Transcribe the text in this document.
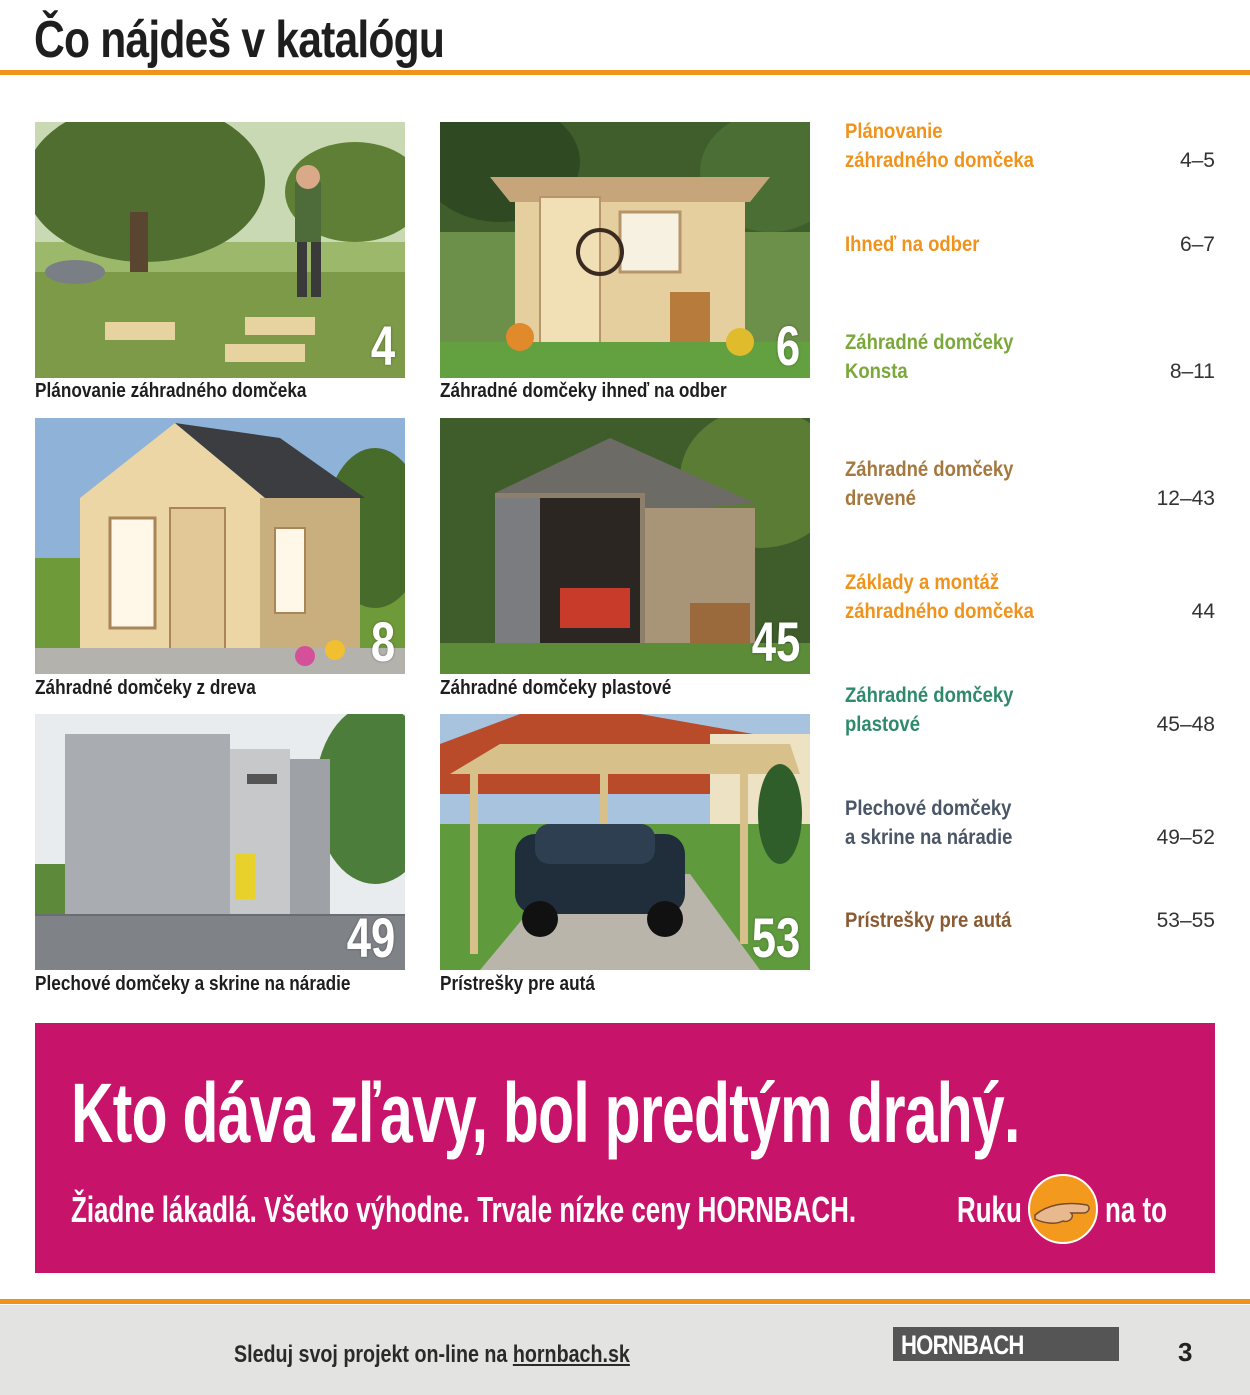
Čo nájdeš v katalógu
4
Plánovanie záhradného domčeka
6
Záhradné domčeky ihneď na odber
8
Záhradné domčeky z dreva
45
Záhradné domčeky plastové
49
Plechové domčeky a skrine na náradie
53
Prístrešky pre autá
Plánovanie
záhradného domčeka	4–5
Ihneď na odber	6–7
Záhradné domčeky
Konsta	8–11
Záhradné domčeky
drevené	12–43
Základy a montáž
záhradného domčeka	44
Záhradné domčeky
plastové	45–48
Plechové domčeky
a skrine na náradie	49–52
Prístrešky pre autá	53–55
Kto dáva zľavy, bol predtým drahý.
Žiadne lákadlá. Všetko výhodne. Trvale nízke ceny HORNBACH.	Ruku na to
Sleduj svoj projekt on-line na hornbach.sk	HORNBACH	3
